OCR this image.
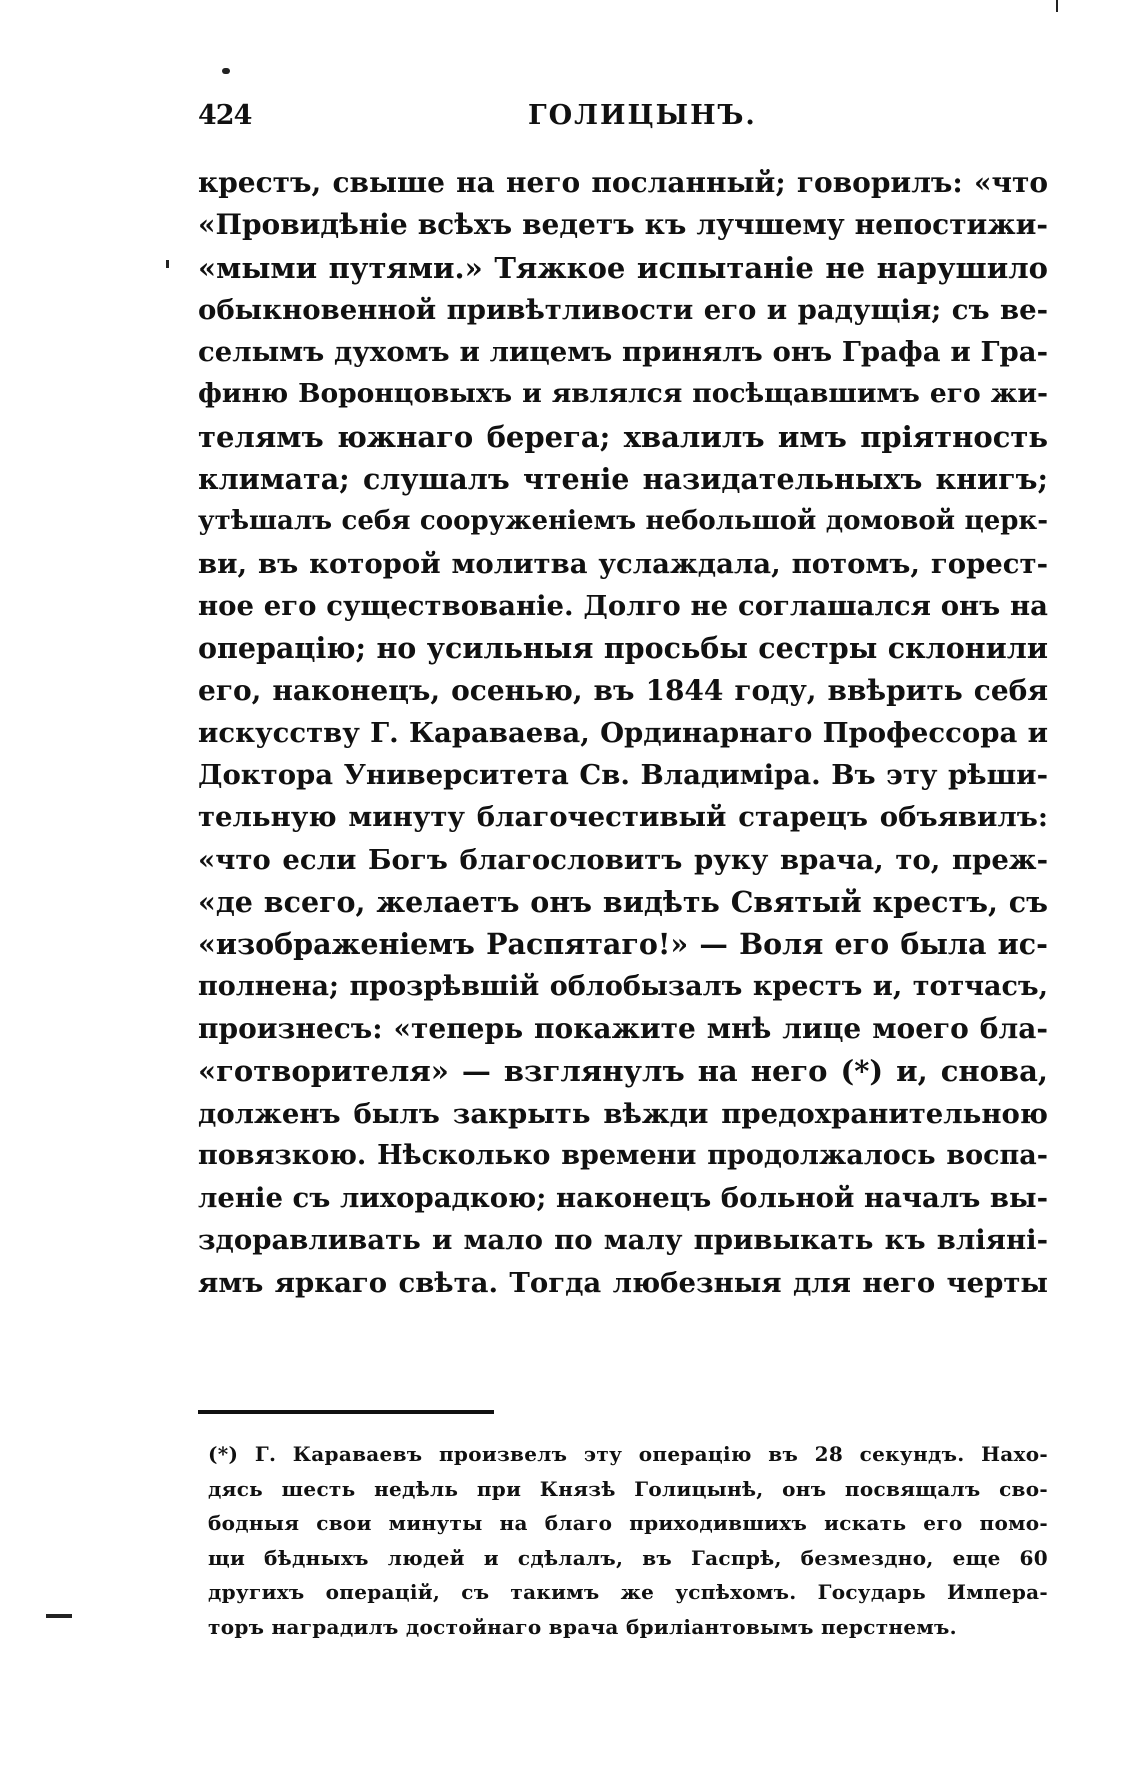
424	ГОЛИЦЫНЪ.
крестъ, свыше на него посланный; говорилъ: «что
«Провидѣніе всѣхъ ведетъ къ лучшему непостижи-
«мыми путями.» Тяжкое испытаніе не нарушило
обыкновенной привѣтливости его и радущія; съ ве-
селымъ духомъ и лицемъ принялъ онъ Графа и Гра-
финю Воронцовыхъ и являлся посѣщавшимъ его жи-
телямъ южнаго берега; хвалилъ имъ пріятность
климата; слушалъ чтеніе назидательныхъ книгъ;
утѣшалъ себя сооруженіемъ небольшой домовой церк-
ви, въ которой молитва услаждала, потомъ, горест-
ное его существованіе. Долго не соглашался онъ на
операцію; но усильныя просьбы сестры склонили
его, наконецъ, осенью, въ 1844 году, ввѣрить себя
искусству Г. Караваева, Ординарнаго Профессора и
Доктора Университета Св. Владиміра. Въ эту рѣши-
тельную минуту благочестивый старецъ объявилъ:
«что если Богъ благословитъ руку врача, то, преж-
«де всего, желаетъ онъ видѣть Святый крестъ, съ
«изображеніемъ Распятаго!» — Воля его была ис-
полнена; прозрѣвшій облобызалъ крестъ и, тотчасъ,
произнесъ: «теперь покажите мнѣ лице моего бла-
«готворителя» — взглянулъ на него (*) и, снова,
долженъ былъ закрыть вѣжди предохранительною
повязкою. Нѣсколько времени продолжалось воспа-
леніе съ лихорадкою; наконецъ больной началъ вы-
здоравливать и мало по малу привыкать къ вліяні-
ямъ яркаго свѣта. Тогда любезныя для него черты
(*) Г. Караваевъ произвелъ эту операцію въ 28 секундъ. Нахо-
дясь шесть недѣль при Князѣ Голицынѣ, онъ посвящалъ сво-
бодныя свои минуты на благо приходившихъ искать его помо-
щи бѣдныхъ людей и сдѣлалъ, въ Гаспрѣ, безмездно, еще 60
другихъ операцій, съ такимъ же успѣхомъ. Государь Импера-
торъ наградилъ достойнаго врача бриліантовымъ перстнемъ.
